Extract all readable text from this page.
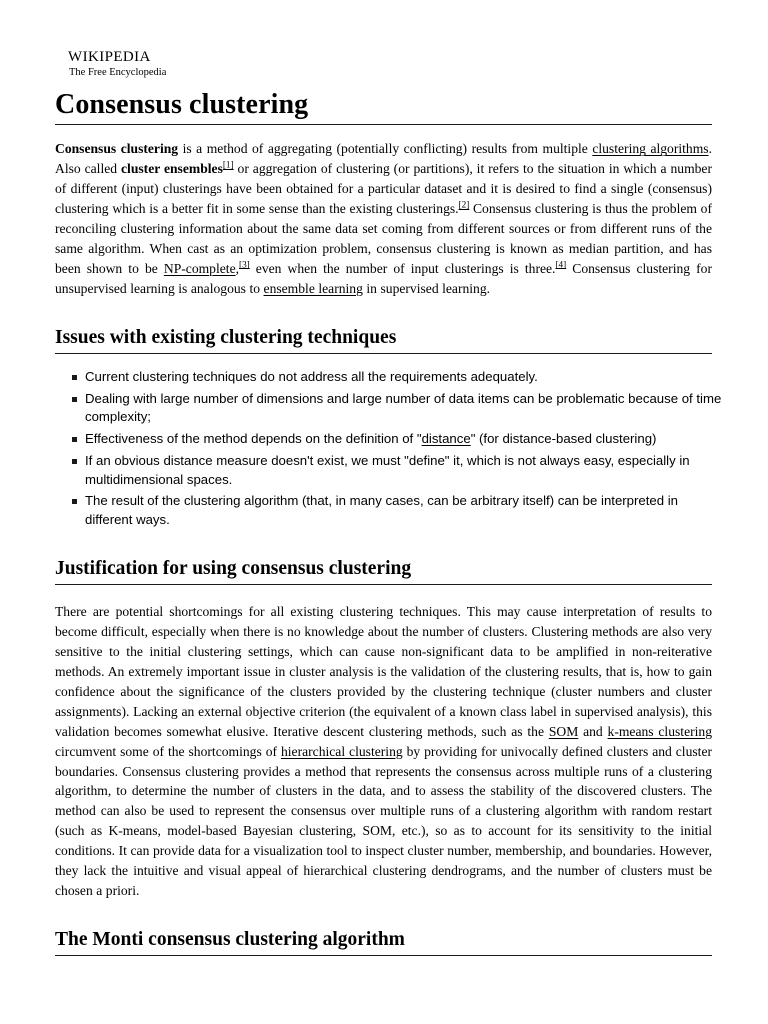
wikipedia
The Free Encyclopedia
Consensus clustering

Consensus clustering is a method of aggregating (potentially conflicting) results from multiple clustering algorithms. Also called cluster ensembles[1] or aggregation of clustering (or partitions), it refers to the situation in which a number of different (input) clusterings have been obtained for a particular dataset and it is desired to find a single (consensus) clustering which is a better fit in some sense than the existing clusterings.[2] Consensus clustering is thus the problem of reconciling clustering information about the same data set coming from different sources or from different runs of the same algorithm. When cast as an optimization problem, consensus clustering is known as median partition, and has been shown to be NP-complete,[3] even when the number of input clusterings is three.[4] Consensus clustering for unsupervised learning is analogous to ensemble learning in supervised learning.

Issues with existing clustering techniques
Current clustering techniques do not address all the requirements adequately.
Dealing with large number of dimensions and large number of data items can be problematic because of time complexity;
Effectiveness of the method depends on the definition of "distance" (for distance-based clustering)
If an obvious distance measure doesn't exist, we must "define" it, which is not always easy, especially in multidimensional spaces.
The result of the clustering algorithm (that, in many cases, can be arbitrary itself) can be interpreted in different ways.
Justification for using consensus clustering

There are potential shortcomings for all existing clustering techniques. This may cause interpretation of results to become difficult, especially when there is no knowledge about the number of clusters. Clustering methods are also very sensitive to the initial clustering settings, which can cause non-significant data to be amplified in non-reiterative methods. An extremely important issue in cluster analysis is the validation of the clustering results, that is, how to gain confidence about the significance of the clusters provided by the clustering technique (cluster numbers and cluster assignments). Lacking an external objective criterion (the equivalent of a known class label in supervised analysis), this validation becomes somewhat elusive. Iterative descent clustering methods, such as the SOM and k-means clustering circumvent some of the shortcomings of hierarchical clustering by providing for univocally defined clusters and cluster boundaries. Consensus clustering provides a method that represents the consensus across multiple runs of a clustering algorithm, to determine the number of clusters in the data, and to assess the stability of the discovered clusters. The method can also be used to represent the consensus over multiple runs of a clustering algorithm with random restart (such as K-means, model-based Bayesian clustering, SOM, etc.), so as to account for its sensitivity to the initial conditions. It can provide data for a visualization tool to inspect cluster number, membership, and boundaries. However, they lack the intuitive and visual appeal of hierarchical clustering dendrograms, and the number of clusters must be chosen a priori.

The Monti consensus clustering algorithm
